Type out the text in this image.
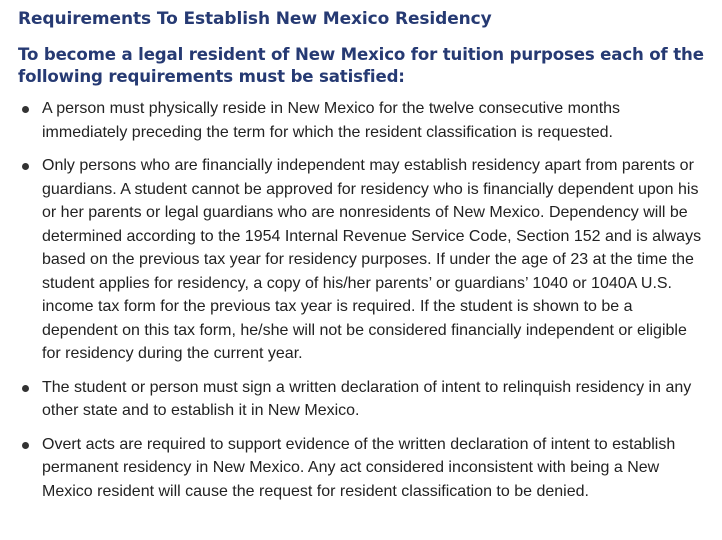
Requirements To Establish New Mexico Residency
To become a legal resident of New Mexico for tuition purposes each of the following requirements must be satisfied:
A person must physically reside in New Mexico for the twelve consecutive months immediately preceding the term for which the resident classification is requested.
Only persons who are financially independent may establish residency apart from parents or guardians. A student cannot be approved for residency who is financially dependent upon his or her parents or legal guardians who are nonresidents of New Mexico. Dependency will be determined according to the 1954 Internal Revenue Service Code, Section 152 and is always based on the previous tax year for residency purposes. If under the age of 23 at the time the student applies for residency, a copy of his/her parents’ or guardians’ 1040 or 1040A U.S. income tax form for the previous tax year is required. If the student is shown to be a dependent on this tax form, he/she will not be considered financially independent or eligible for residency during the current year.
The student or person must sign a written declaration of intent to relinquish residency in any other state and to establish it in New Mexico.
Overt acts are required to support evidence of the written declaration of intent to establish permanent residency in New Mexico. Any act considered inconsistent with being a New Mexico resident will cause the request for resident classification to be denied.
